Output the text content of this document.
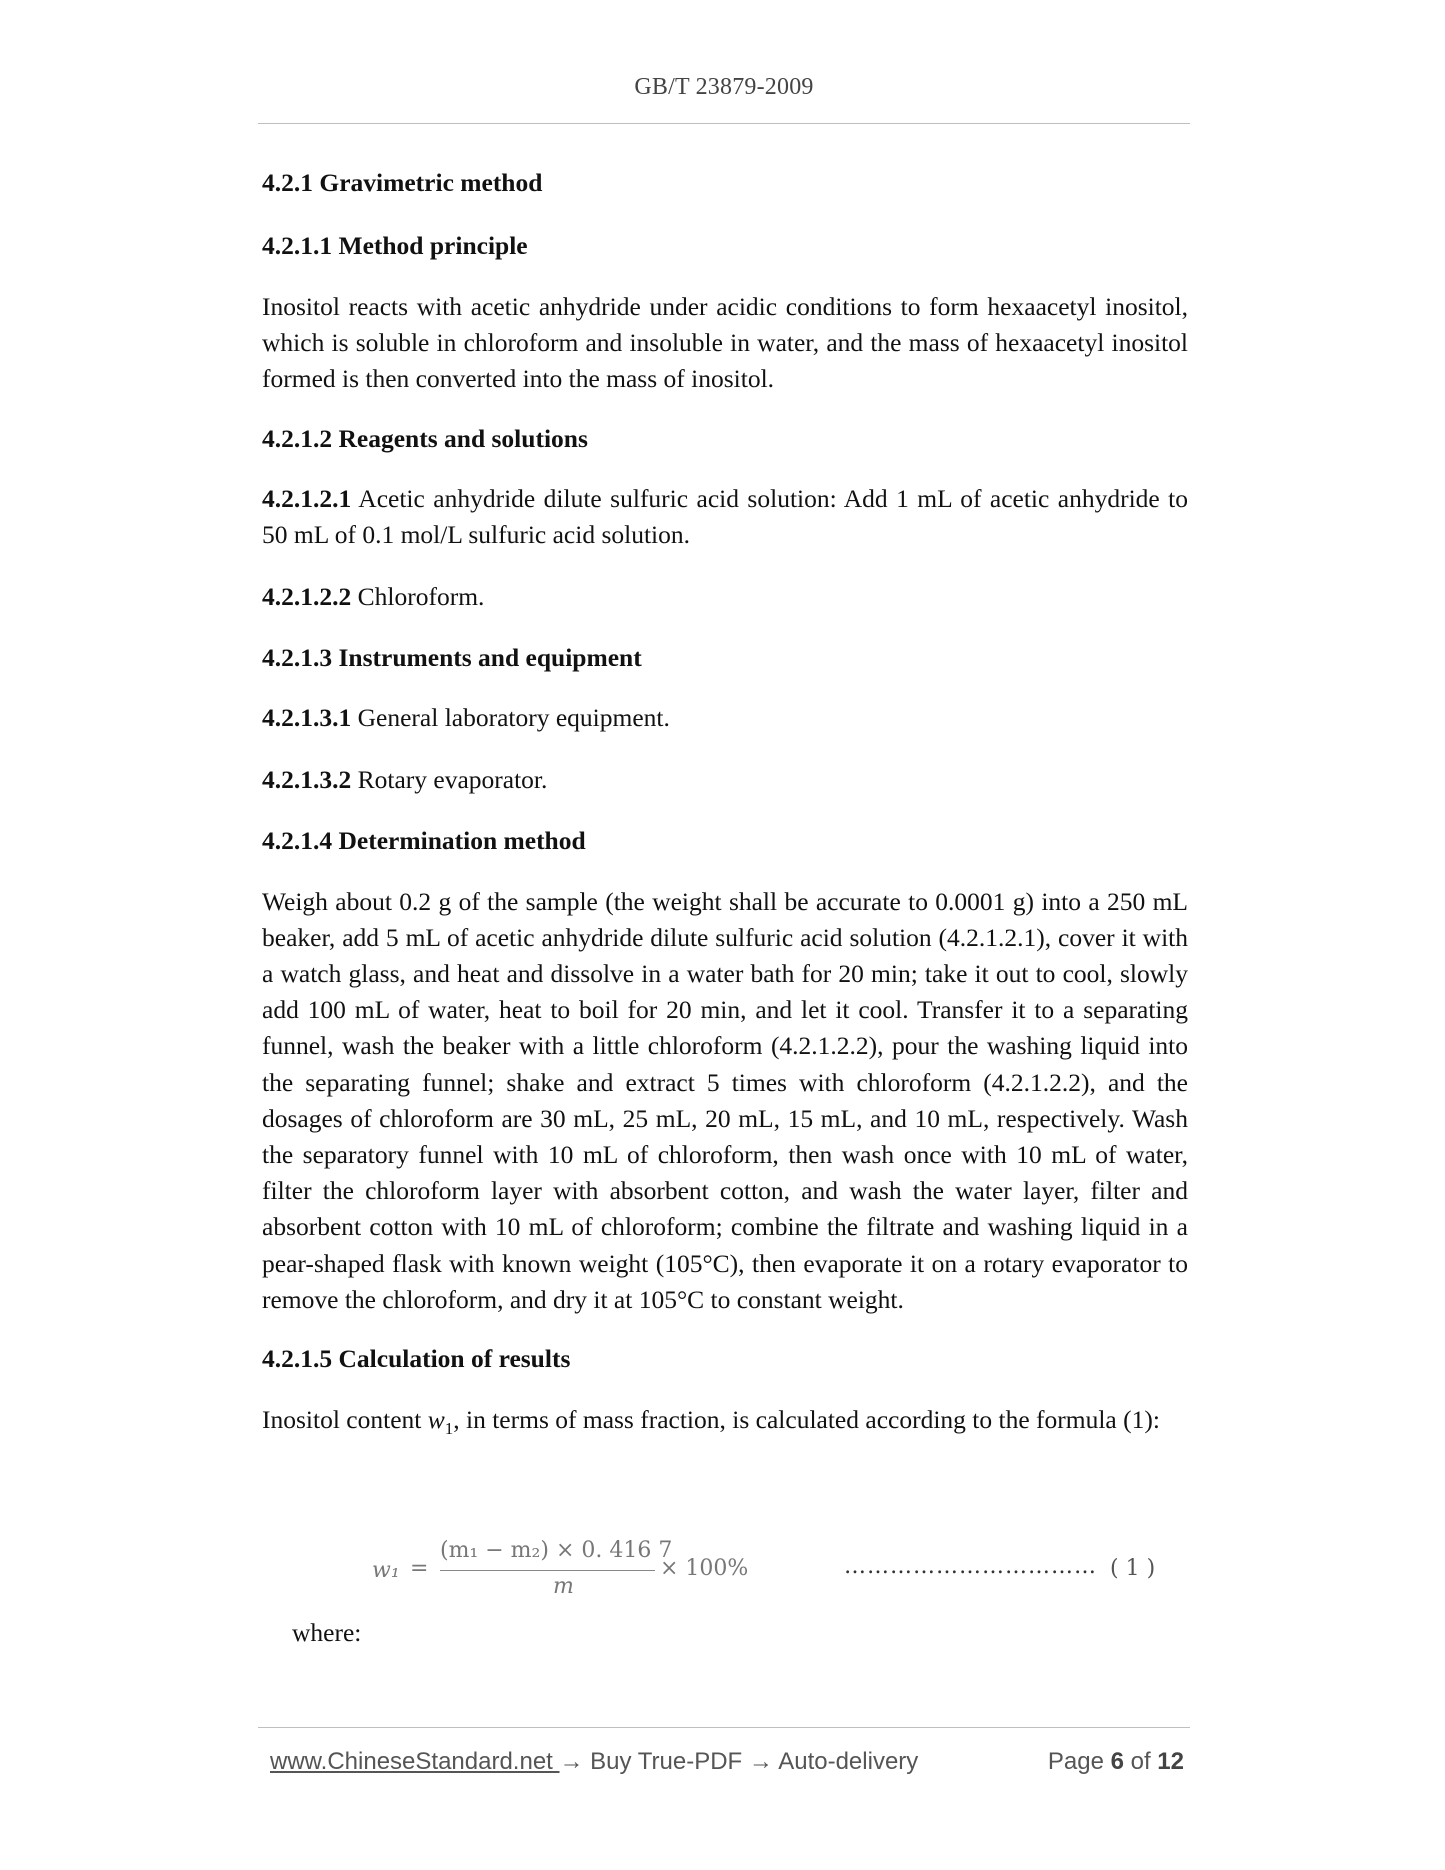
GB/T 23879-2009

4.2.1 Gravimetric method

4.2.1.1 Method principle

Inositol reacts with acetic anhydride under acidic conditions to form hexaacetyl inositol, which is soluble in chloroform and insoluble in water, and the mass of hexaacetyl inositol formed is then converted into the mass of inositol.

4.2.1.2 Reagents and solutions

4.2.1.2.1 Acetic anhydride dilute sulfuric acid solution: Add 1 mL of acetic anhydride to 50 mL of 0.1 mol/L sulfuric acid solution.

4.2.1.2.2 Chloroform.

4.2.1.3 Instruments and equipment

4.2.1.3.1 General laboratory equipment.

4.2.1.3.2 Rotary evaporator.

4.2.1.4 Determination method

Weigh about 0.2 g of the sample (the weight shall be accurate to 0.0001 g) into a 250 mL beaker, add 5 mL of acetic anhydride dilute sulfuric acid solution (4.2.1.2.1), cover it with a watch glass, and heat and dissolve in a water bath for 20 min; take it out to cool, slowly add 100 mL of water, heat to boil for 20 min, and let it cool. Transfer it to a separating funnel, wash the beaker with a little chloroform (4.2.1.2.2), pour the washing liquid into the separating funnel; shake and extract 5 times with chloroform (4.2.1.2.2), and the dosages of chloroform are 30 mL, 25 mL, 20 mL, 15 mL, and 10 mL, respectively. Wash the separatory funnel with 10 mL of chloroform, then wash once with 10 mL of water, filter the chloroform layer with absorbent cotton, and wash the water layer, filter and absorbent cotton with 10 mL of chloroform; combine the filtrate and washing liquid in a pear-shaped flask with known weight (105°C), then evaporate it on a rotary evaporator to remove the chloroform, and dry it at 105°C to constant weight.

4.2.1.5 Calculation of results

Inositol content $w_1$, in terms of mass fraction, is calculated according to the formula (1):

w₁ =
(m₁ − m₂) × 0. 416 7
m
× 100%	…………………………… ( 1 )
where:
www.ChineseStandard.net → Buy True-PDF → Auto-delivery	Page 6 of 12
